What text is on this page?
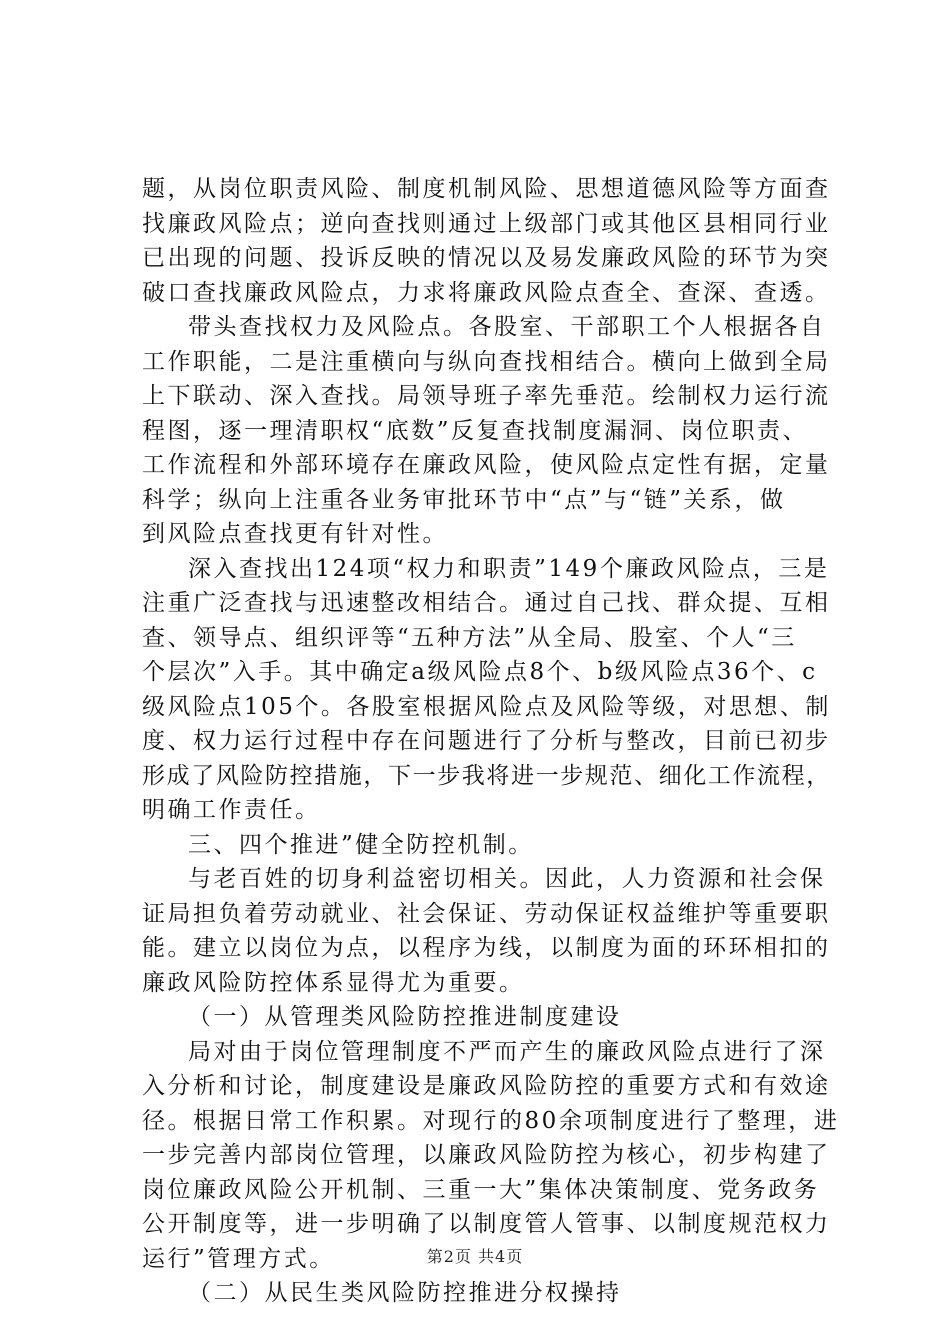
题，从岗位职责风险、制度机制风险、思想道德风险等方面查
找廉政风险点；逆向查找则通过上级部门或其他区县相同行业
已出现的问题、投诉反映的情况以及易发廉政风险的环节为突
破口查找廉政风险点，力求将廉政风险点查全、查深、查透。
带头查找权力及风险点。各股室、干部职工个人根据各自
工作职能，二是注重横向与纵向查找相结合。横向上做到全局
上下联动、深入查找。局领导班子率先垂范。绘制权力运行流
程图，逐一理清职权“底数”反复查找制度漏洞、岗位职责、
工作流程和外部环境存在廉政风险，使风险点定性有据，定量
科学；纵向上注重各业务审批环节中“点”与“链”关系，做
到风险点查找更有针对性。
深入查找出124项“权力和职责”149个廉政风险点，三是
注重广泛查找与迅速整改相结合。通过自己找、群众提、互相
查、领导点、组织评等“五种方法”从全局、股室、个人“三
个层次”入手。其中确定a级风险点8个、b级风险点36个、c
级风险点105个。各股室根据风险点及风险等级，对思想、制
度、权力运行过程中存在问题进行了分析与整改，目前已初步
形成了风险防控措施，下一步我将进一步规范、细化工作流程，
明确工作责任。
三、四个推进”健全防控机制。
与老百姓的切身利益密切相关。因此，人力资源和社会保
证局担负着劳动就业、社会保证、劳动保证权益维护等重要职
能。建立以岗位为点，以程序为线，以制度为面的环环相扣的
廉政风险防控体系显得尤为重要。
（一）从管理类风险防控推进制度建设
局对由于岗位管理制度不严而产生的廉政风险点进行了深
入分析和讨论，制度建设是廉政风险防控的重要方式和有效途
径。根据日常工作积累。对现行的80余项制度进行了整理，进
一步完善内部岗位管理，以廉政风险防控为核心，初步构建了
岗位廉政风险公开机制、三重一大”集体决策制度、党务政务
公开制度等，进一步明确了以制度管人管事、以制度规范权力
运行”管理方式。
（二）从民生类风险防控推进分权操持
第2页 共4页
